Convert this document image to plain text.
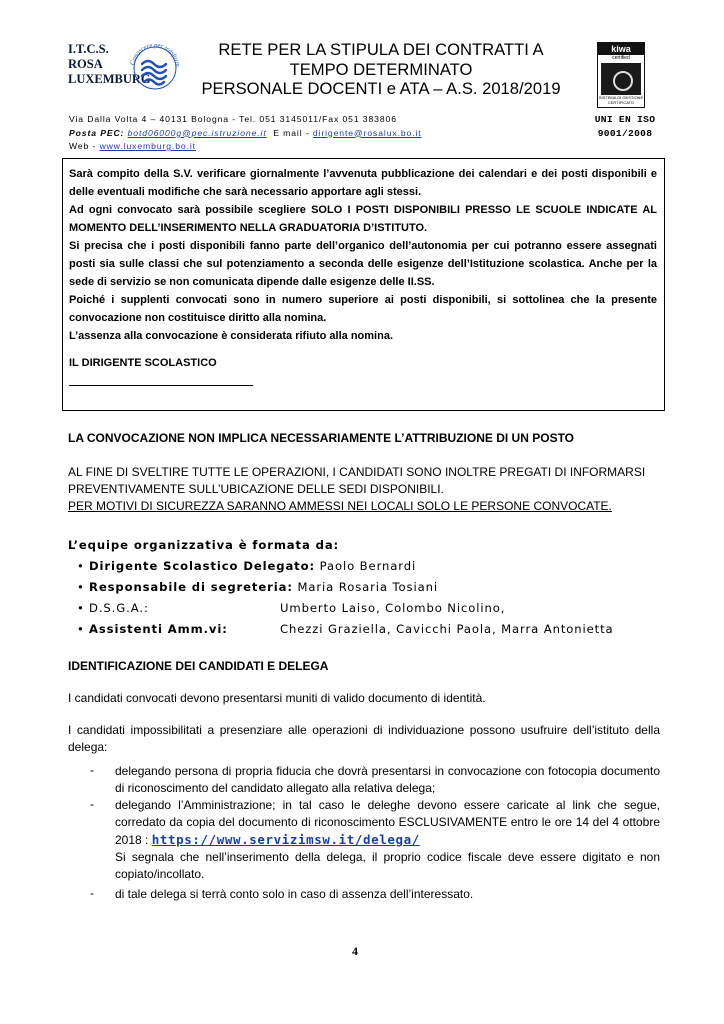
I.T.C.S.
ROSA
LUXEMBURG
Conoscere per trasform
RETE PER LA STIPULA DEI CONTRATTI A
TEMPO DETERMINATO
PERSONALE DOCENTI e ATA – A.S. 2018/2019
kiwa
certified
SISTEMA DI GESTIONE CERTIFICATO
UNI EN ISO
9001/2008
Via Dalla Volta 4 – 40131 Bologna - Tel. 051 3145011/Fax 051 383806
Posta PEC: botd06000g@pec.istruzione.it E mail - dirigente@rosalux.bo.it
Web - www.luxemburg.bo.it

Sarà compito della S.V. verificare giornalmente l’avvenuta pubblicazione dei calendari e dei posti disponibili e delle eventuali modifiche che sarà necessario apportare agli stessi.

Ad ogni convocato sarà possibile scegliere SOLO I POSTI DISPONIBILI PRESSO LE SCUOLE INDICATE AL MOMENTO DELL’INSERIMENTO NELLA GRADUATORIA D’ISTITUTO.

Si precisa che i posti disponibili fanno parte dell’organico dell’autonomia per cui potranno essere assegnati posti sia sulle classi che sul potenziamento a seconda delle esigenze dell’Istituzione scolastica. Anche per la sede di servizio se non comunicata dipende dalle esigenze delle II.SS.

Poiché i supplenti convocati sono in numero superiore ai posti disponibili, si sottolinea che la presente convocazione non costituisce diritto alla nomina.

L’assenza alla convocazione è considerata rifiuto alla nomina.

IL DIRIGENTE SCOLASTICO
LA CONVOCAZIONE NON IMPLICA NECESSARIAMENTE L’ATTRIBUZIONE DI UN POSTO
AL FINE DI SVELTIRE TUTTE LE OPERAZIONI, I CANDIDATI SONO INOLTRE PREGATI DI INFORMARSI
PREVENTIVAMENTE SULL’UBICAZIONE DELLE SEDI DISPONIBILI.
PER MOTIVI DI SICUREZZA SARANNO AMMESSI NEI LOCALI SOLO LE PERSONE CONVOCATE.
L’equipe organizzativa è formata da:
• Dirigente Scolastico Delegato: Paolo Bernardi
• Responsabile di segreteria: Maria Rosaria Tosiani
• D.S.G.A.:	Umberto Laiso, Colombo Nicolino,
• Assistenti Amm.vi:	Chezzi Graziella, Cavicchi Paola, Marra Antonietta
IDENTIFICAZIONE DEI CANDIDATI E DELEGA
I candidati convocati devono presentarsi muniti di valido documento di identità.
I candidati impossibilitati a presenziare alle operazioni di individuazione possono usufruire dell’istituto della delega:
- delegando persona di propria fiducia che dovrà presentarsi in convocazione con fotocopia documento di riconoscimento del candidato allegato alla relativa delega;
- delegando l’Amministrazione; in tal caso le deleghe devono essere caricate al link che segue, corredato da copia del documento di riconoscimento ESCLUSIVAMENTE entro le ore 14 del 4 ottobre 2018 : https://www.servizimsw.it/delega/

Si segnala che nell’inserimento della delega, il proprio codice fiscale deve essere digitato e non copiato/incollato.

- di tale delega si terrà conto solo in caso di assenza dell’interessato.
4
